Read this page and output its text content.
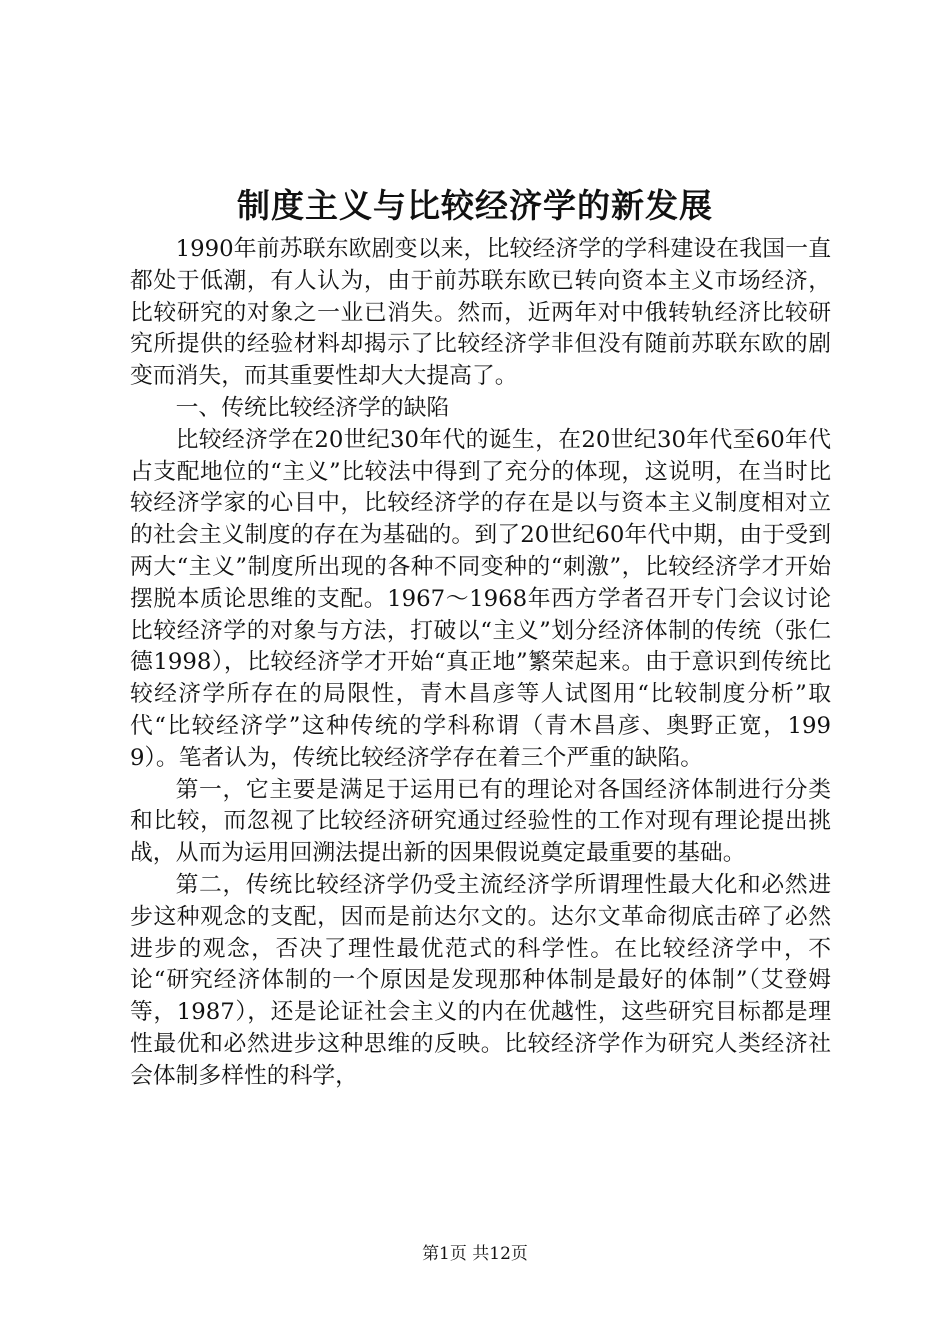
制度主义与比较经济学的新发展

1990年前苏联东欧剧变以来，比较经济学的学科建设在我国一直都处于低潮，有人认为，由于前苏联东欧已转向资本主义市场经济，比较研究的对象之一业已消失。然而，近两年对中俄转轨经济比较研究所提供的经验材料却揭示了比较经济学非但没有随前苏联东欧的剧变而消失，而其重要性却大大提高了。

一、传统比较经济学的缺陷

比较经济学在20世纪30年代的诞生，在20世纪30年代至60年代占支配地位的“主义”比较法中得到了充分的体现，这说明，在当时比较经济学家的心目中，比较经济学的存在是以与资本主义制度相对立的社会主义制度的存在为基础的。到了20世纪60年代中期，由于受到两大“主义”制度所出现的各种不同变种的“刺激”，比较经济学才开始摆脱本质论思维的支配。1967～1968年西方学者召开专门会议讨论比较经济学的对象与方法，打破以“主义”划分经济体制的传统（张仁德1998），比较经济学才开始“真正地”繁荣起来。由于意识到传统比较经济学所存在的局限性，青木昌彦等人试图用“比较制度分析”取代“比较经济学”这种传统的学科称谓（青木昌彦、奥野正宽，1999）。笔者认为，传统比较经济学存在着三个严重的缺陷。

第一，它主要是满足于运用已有的理论对各国经济体制进行分类和比较，而忽视了比较经济研究通过经验性的工作对现有理论提出挑战，从而为运用回溯法提出新的因果假说奠定最重要的基础。

第二，传统比较经济学仍受主流经济学所谓理性最大化和必然进步这种观念的支配，因而是前达尔文的。达尔文革命彻底击碎了必然进步的观念，否决了理性最优范式的科学性。在比较经济学中，不论“研究经济体制的一个原因是发现那种体制是最好的体制”（艾登姆等，1987），还是论证社会主义的内在优越性，这些研究目标都是理性最优和必然进步这种思维的反映。比较经济学作为研究人类经济社会体制多样性的科学，

第1页 共12页
